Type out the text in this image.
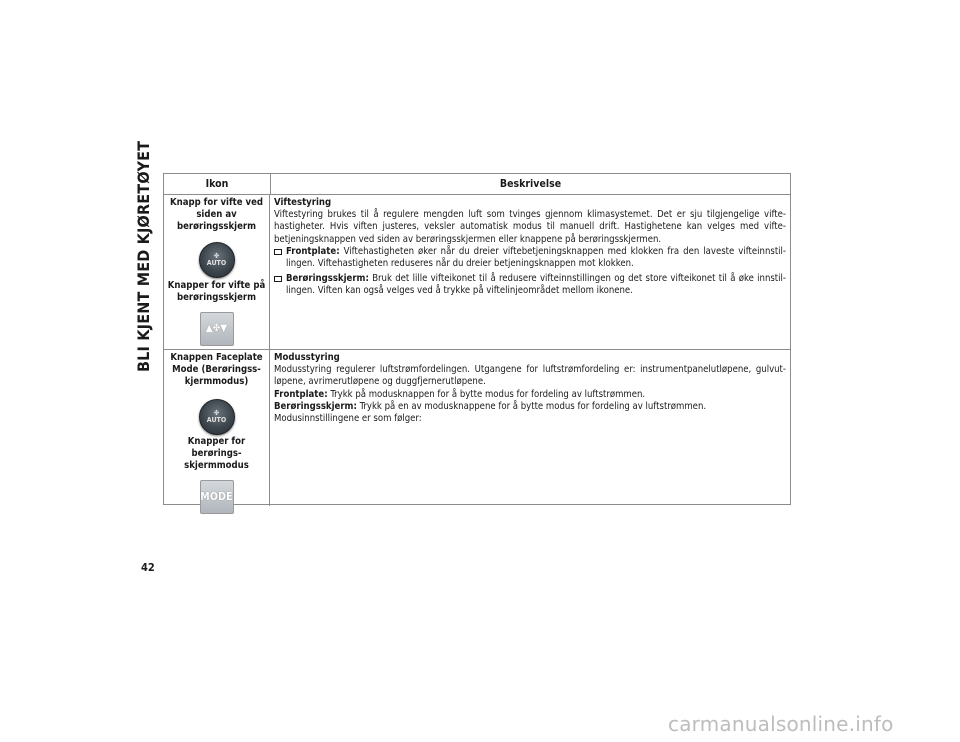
BLI KJENT MED KJØRETØYET
42
Ikon	Beskrivelse
Knapp for vifte ved siden av berøringsskjerm
✤
AUTO
Knapper for vifte på berøringsskjerm
▲✤▼
Viftestyring
Viftestyring brukes til å regulere mengden luft som tvinges gjennom klimasystemet. Det er sju tilgjengelige vifte-hastigheter. Hvis viften justeres, veksler automatisk modus til manuell drift. Hastighetene kan velges med vifte-betjeningsknappen ved siden av berøringsskjermen eller knappene på berøringsskjermen.
Frontplate: Viftehastigheten øker når du dreier viftebetjeningsknappen med klokken fra den laveste vifteinnstil-lingen. Viftehastigheten reduseres når du dreier betjeningsknappen mot klokken.
Berøringsskjerm: Bruk det lille vifteikonet til å redusere vifteinnstillingen og det store vifteikonet til å øke innstil-lingen. Viften kan også velges ved å trykke på viftelinjeområdet mellom ikonene.
Knappen Faceplate Mode (Berøringss-kjermmodus)
✤
AUTO
Knapper for berørings-skjermmodus
MODE
Modusstyring
Modusstyring regulerer luftstrømfordelingen. Utgangene for luftstrømfordeling er: instrumentpanelutløpene, gulvut-løpene, avrimerutløpene og duggfjernerutløpene.
Frontplate: Trykk på modusknappen for å bytte modus for fordeling av luftstrømmen.
Berøringsskjerm: Trykk på en av modusknappene for å bytte modus for fordeling av luftstrømmen.
Modusinnstillingene er som følger:
carmanualsonline.info
